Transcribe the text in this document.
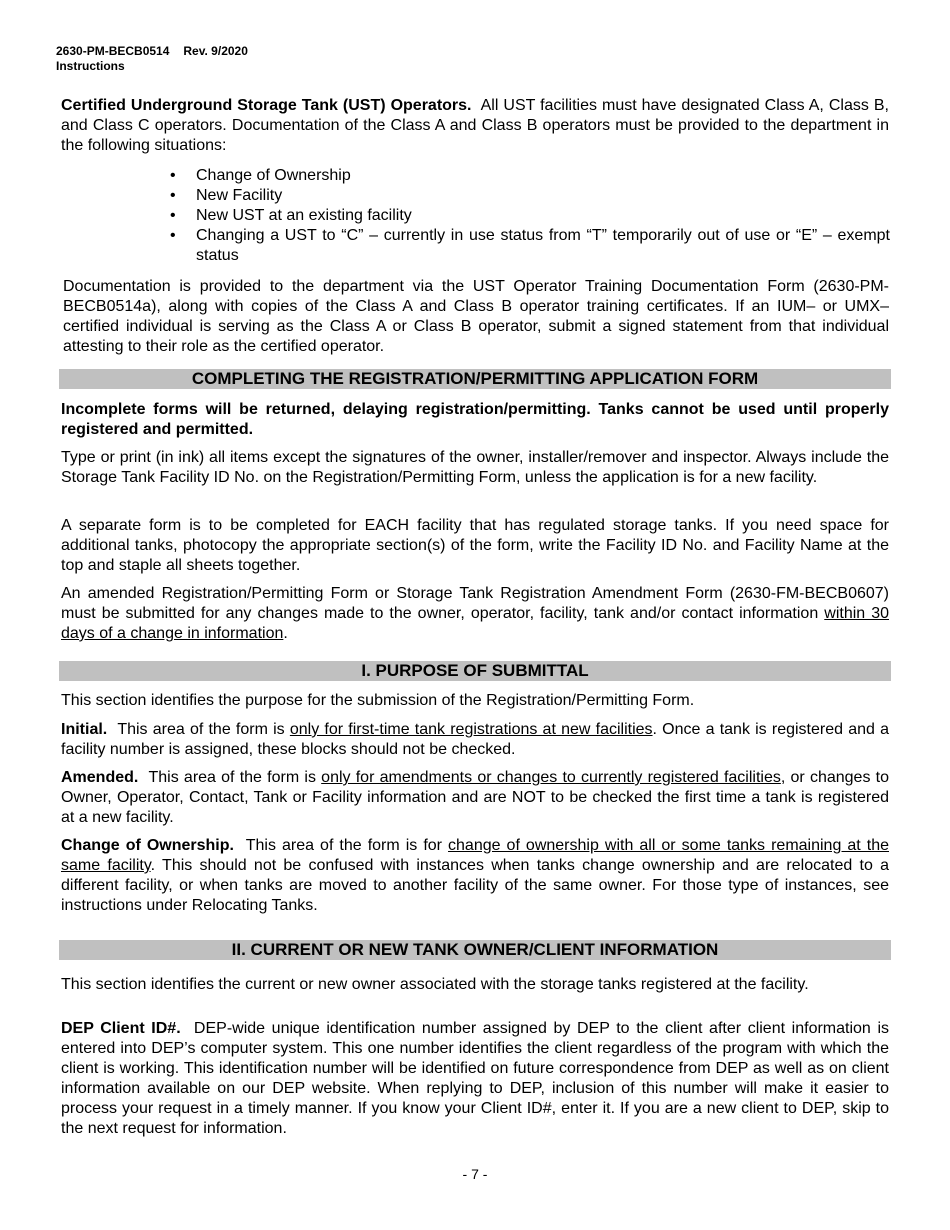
2630-PM-BECB0514 Rev. 9/2020
Instructions

Certified Underground Storage Tank (UST) Operators. All UST facilities must have designated Class A, Class B, and Class C operators. Documentation of the Class A and Class B operators must be provided to the department in the following situations:

• Change of Ownership
• New Facility
• New UST at an existing facility
• Changing a UST to “C” – currently in use status from “T” temporarily out of use or “E” – exempt status

Documentation is provided to the department via the UST Operator Training Documentation Form (2630-PM-BECB0514a), along with copies of the Class A and Class B operator training certificates. If an IUM– or UMX–certified individual is serving as the Class A or Class B operator, submit a signed statement from that individual attesting to their role as the certified operator.

COMPLETING THE REGISTRATION/PERMITTING APPLICATION FORM

Incomplete forms will be returned, delaying registration/permitting. Tanks cannot be used until properly registered and permitted.

Type or print (in ink) all items except the signatures of the owner, installer/remover and inspector. Always include the Storage Tank Facility ID No. on the Registration/Permitting Form, unless the application is for a new facility.

A separate form is to be completed for EACH facility that has regulated storage tanks. If you need space for additional tanks, photocopy the appropriate section(s) of the form, write the Facility ID No. and Facility Name at the top and staple all sheets together.

An amended Registration/Permitting Form or Storage Tank Registration Amendment Form (2630-FM-BECB0607) must be submitted for any changes made to the owner, operator, facility, tank and/or contact information within 30 days of a change in information.

I. PURPOSE OF SUBMITTAL

This section identifies the purpose for the submission of the Registration/Permitting Form.

Initial. This area of the form is only for first-time tank registrations at new facilities. Once a tank is registered and a facility number is assigned, these blocks should not be checked.

Amended. This area of the form is only for amendments or changes to currently registered facilities, or changes to Owner, Operator, Contact, Tank or Facility information and are NOT to be checked the first time a tank is registered at a new facility.

Change of Ownership. This area of the form is for change of ownership with all or some tanks remaining at the same facility. This should not be confused with instances when tanks change ownership and are relocated to a different facility, or when tanks are moved to another facility of the same owner. For those type of instances, see instructions under Relocating Tanks.

II. CURRENT OR NEW TANK OWNER/CLIENT INFORMATION

This section identifies the current or new owner associated with the storage tanks registered at the facility.

DEP Client ID#. DEP-wide unique identification number assigned by DEP to the client after client information is entered into DEP’s computer system. This one number identifies the client regardless of the program with which the client is working. This identification number will be identified on future correspondence from DEP as well as on client information available on our DEP website. When replying to DEP, inclusion of this number will make it easier to process your request in a timely manner. If you know your Client ID#, enter it. If you are a new client to DEP, skip to the next request for information.

- 7 -
